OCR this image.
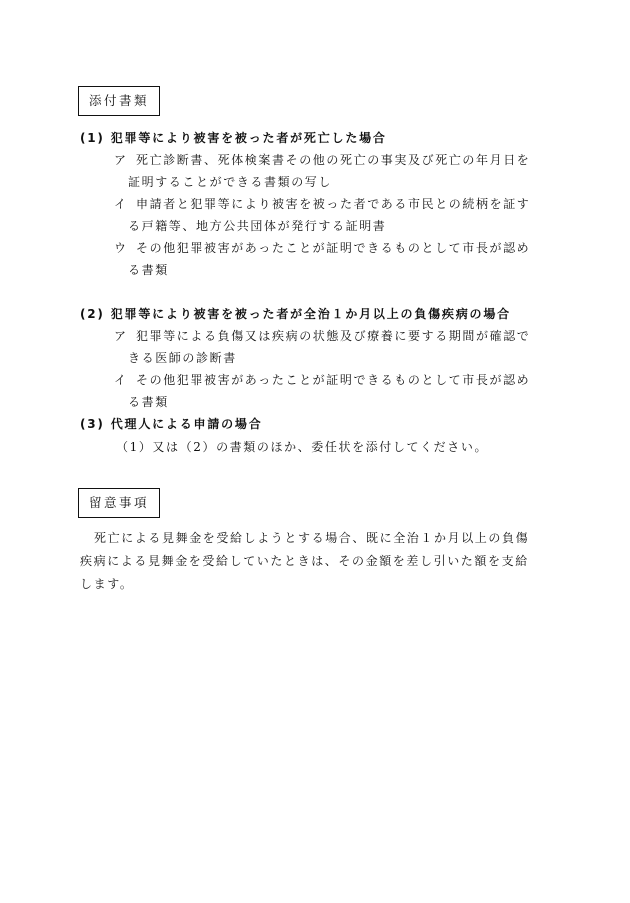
添付書類
(1) 犯罪等により被害を被った者が死亡した場合
ア 死亡診断書、死体検案書その他の死亡の事実及び死亡の年月日を
証明することができる書類の写し
イ 申請者と犯罪等により被害を被った者である市民との続柄を証す
る戸籍等、地方公共団体が発行する証明書
ウ その他犯罪被害があったことが証明できるものとして市長が認め
る書類
(2) 犯罪等により被害を被った者が全治１か月以上の負傷疾病の場合
ア 犯罪等による負傷又は疾病の状態及び療養に要する期間が確認で
きる医師の診断書
イ その他犯罪被害があったことが証明できるものとして市長が認め
る書類
(3) 代理人による申請の場合
（1）又は（2）の書類のほか、委任状を添付してください。
留意事項
死亡による見舞金を受給しようとする場合、既に全治１か月以上の負傷
疾病による見舞金を受給していたときは、その金額を差し引いた額を支給
します。
